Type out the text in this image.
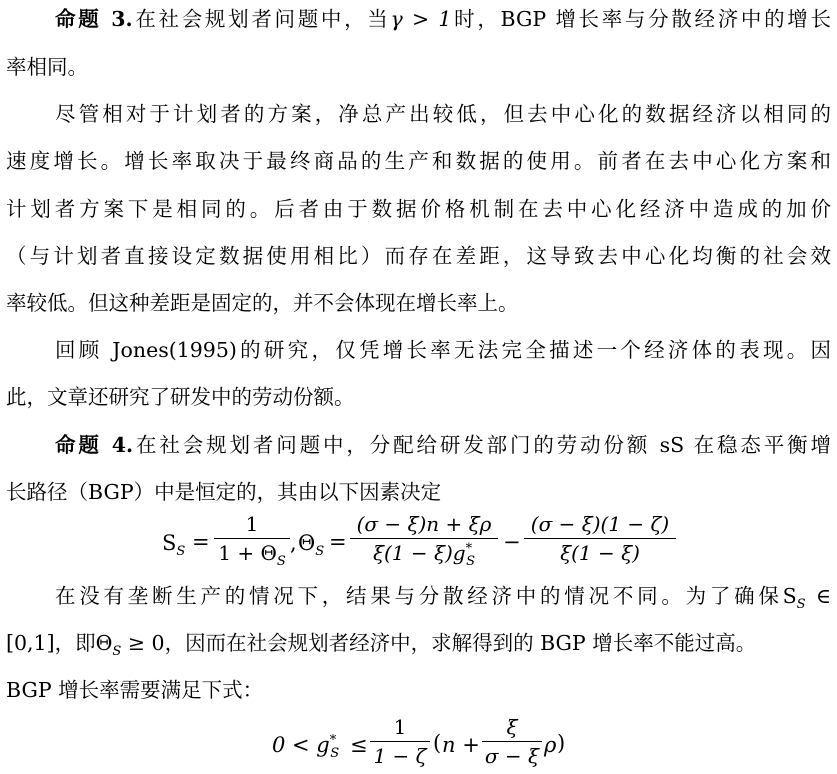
命题 3.在社会规划者问题中，当γ > 1时，BGP 增长率与分散经济中的增长
率相同。
尽管相对于计划者的方案，净总产出较低，但去中心化的数据经济以相同的
速度增长。增长率取决于最终商品的生产和数据的使用。前者在去中心化方案和
计划者方案下是相同的。后者由于数据价格机制在去中心化经济中造成的加价
（与计划者直接设定数据使用相比）而存在差距，这导致去中心化均衡的社会效
率较低。但这种差距是固定的，并不会体现在增长率上。
回顾 Jones(1995)的研究，仅凭增长率无法完全描述一个经济体的表现。因
此，文章还研究了研发中的劳动份额。
命题 4.在社会规划者问题中，分配给研发部门的劳动份额 sS 在稳态平衡增
长路径（BGP）中是恒定的，其由以下因素决定
$S_S$ =
1
$1 + \Theta_S$
, $\Theta_S$ =
(σ − ξ)n + ξρ
$\xi(1 - \xi)g^*_S$
−
(σ − ξ)(1 − ζ)
ξ(1 − ξ)
在没有垄断生产的情况下，结果与分散经济中的情况不同。为了确保$S_S$ ∈
[0,1]，即$\Theta_S \ge 0$，因而在社会规划者经济中，求解得到的 BGP 增长率不能过高。
BGP 增长率需要满足下式：
$0 < g^*_S$ ≤
1
1 − ζ
( n +
ξ
σ − ξ ρ )
